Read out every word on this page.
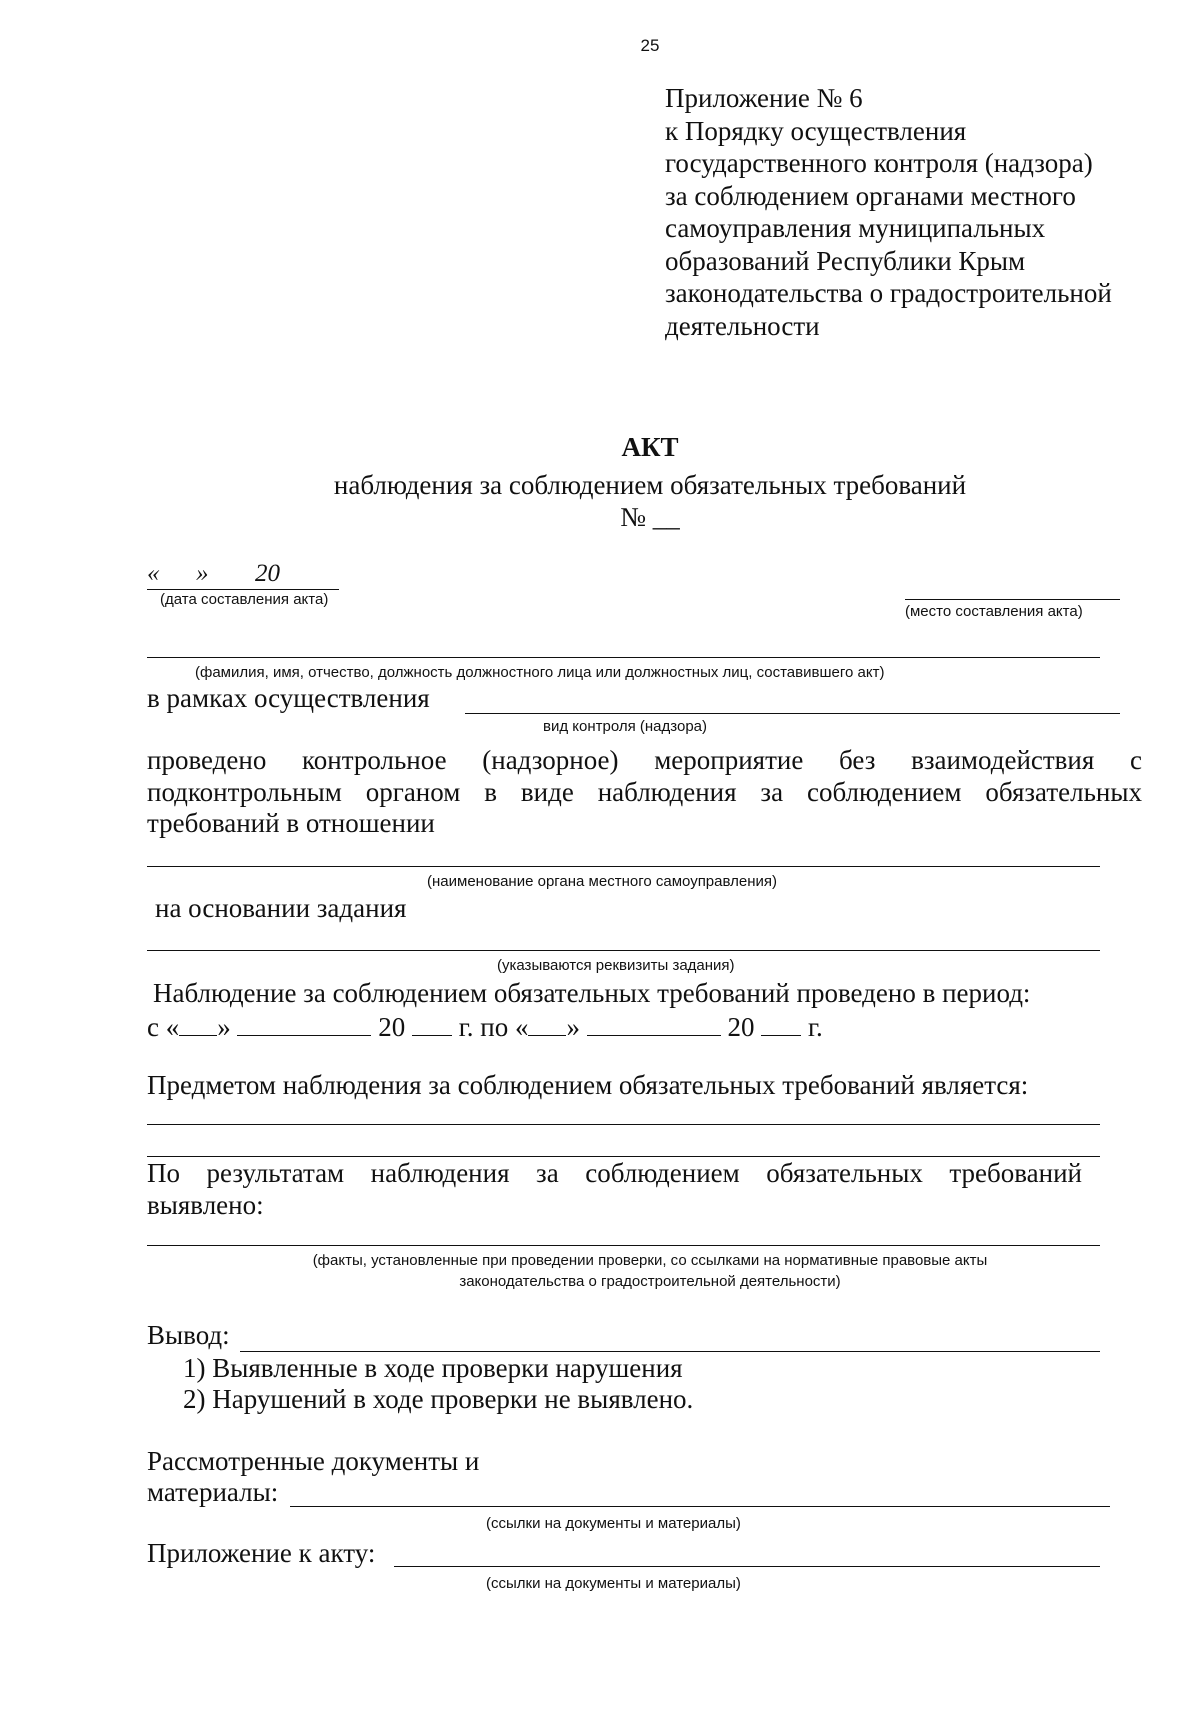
25
Приложение № 6
к Порядку осуществления
государственного контроля (надзора)
за соблюдением органами местного
самоуправления муниципальных
образований Республики Крым
законодательства о градостроительной
деятельности
АКТ
наблюдения за соблюдением обязательных требований
№ __
« » 20
(дата составления акта)
(место составления акта)
(фамилия, имя, отчество, должность должностного лица или должностных лиц, составившего акт)
в рамках осуществления
вид контроля (надзора)
проведено контрольное (надзорное) мероприятие без взаимодействия с
подконтрольным органом в виде наблюдения за соблюдением обязательных
требований в отношении
(наименование органа местного самоуправления)
на основании задания
(указываются реквизиты задания)
Наблюдение за соблюдением обязательных требований проведено в период:
с « »	20 г. по « »	20 г.
Предметом наблюдения за соблюдением обязательных требований является:
По результатам наблюдения за соблюдением обязательных требований
выявлено:
(факты, установленные при проведении проверки, со ссылками на нормативные правовые акты
законодательства о градостроительной деятельности)
Вывод:
1) Выявленные в ходе проверки нарушения
2) Нарушений в ходе проверки не выявлено.
Рассмотренные документы и
материалы:
(ссылки на документы и материалы)
Приложение к акту:
(ссылки на документы и материалы)
